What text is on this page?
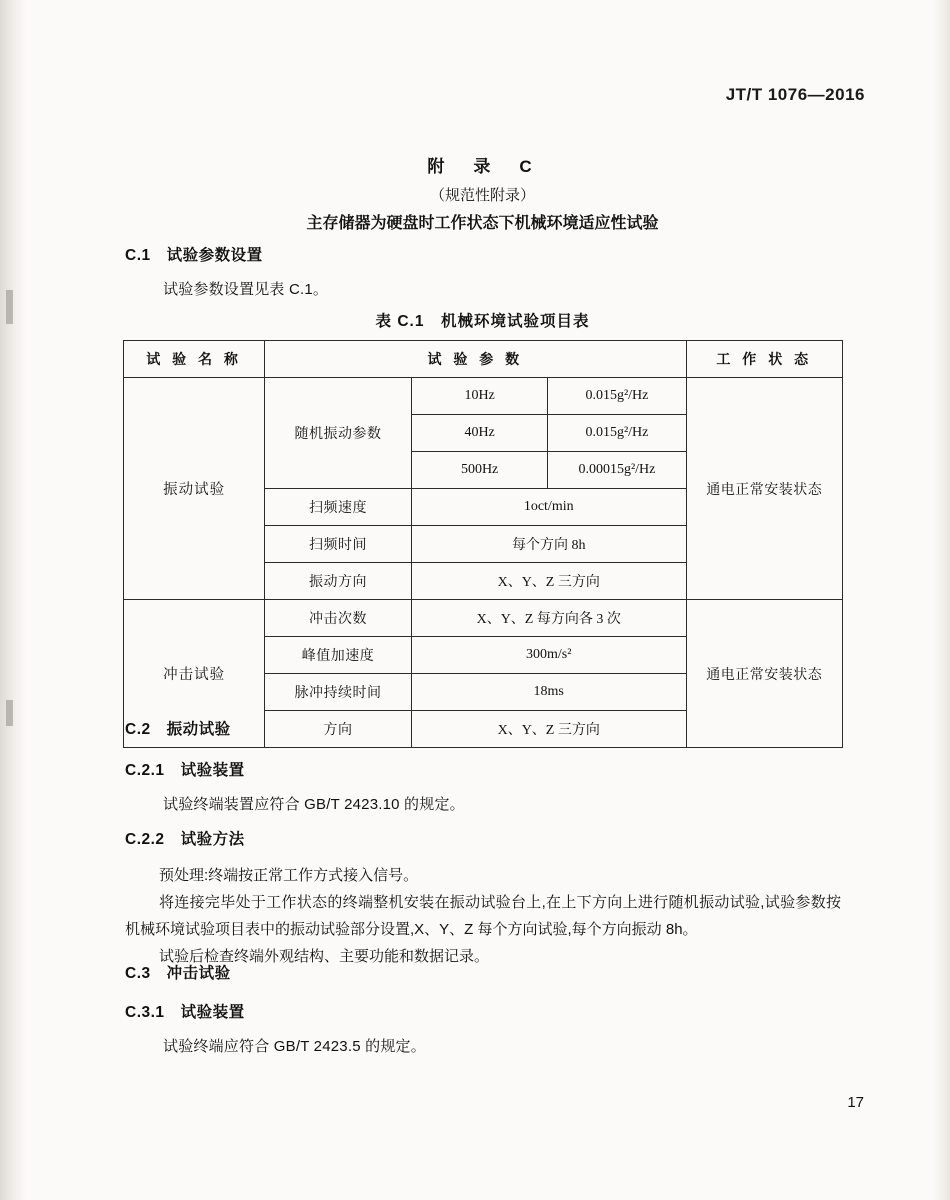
JT/T 1076—2016
附　录　C
（规范性附录）
主存储器为硬盘时工作状态下机械环境适应性试验
C.1 试验参数设置
试验参数设置见表 C.1。
表 C.1　机械环境试验项目表
试 验 名 称	试 验 参 数			工 作 状 态
振动试验	随机振动参数	10Hz	0.015g²/Hz	通电正常安装状态
		40Hz	0.015g²/Hz	
		500Hz	0.00015g²/Hz	
	扫频速度	1oct/min		
	扫频时间	每个方向 8h		
	振动方向	X、Y、Z 三方向		
冲击试验	冲击次数	X、Y、Z 每方向各 3 次		通电正常安装状态
	峰值加速度	300m/s²		
	脉冲持续时间	18ms		
	方向	X、Y、Z 三方向		
C.2 振动试验
C.2.1 试验装置
试验终端装置应符合 GB/T 2423.10 的规定。
C.2.2 试验方法

预处理:终端按正常工作方式接入信号。

将连接完毕处于工作状态的终端整机安装在振动试验台上,在上下方向上进行随机振动试验,试验参数按机械环境试验项目表中的振动试验部分设置,X、Y、Z 每个方向试验,每个方向振动 8h。

试验后检查终端外观结构、主要功能和数据记录。

C.3 冲击试验
C.3.1 试验装置
试验终端应符合 GB/T 2423.5 的规定。
17
